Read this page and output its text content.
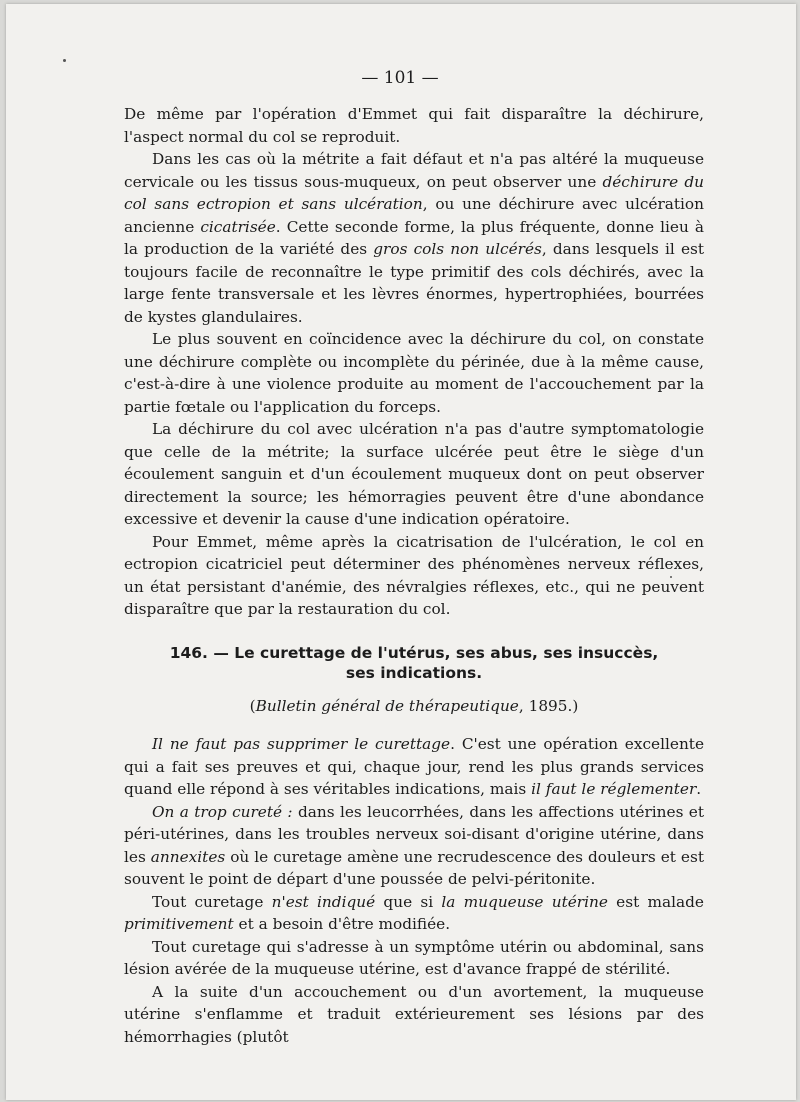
— 101 —

De même par l'opération d'Emmet qui fait disparaître la déchirure, l'aspect normal du col se reproduit.

Dans les cas où la métrite a fait défaut et n'a pas altéré la muqueuse cervicale ou les tissus sous-muqueux, on peut observer une déchirure du col sans ectropion et sans ulcération, ou une déchirure avec ulcération ancienne cicatrisée. Cette seconde forme, la plus fréquente, donne lieu à la production de la variété des gros cols non ulcérés, dans lesquels il est toujours facile de reconnaître le type primitif des cols déchirés, avec la large fente transversale et les lèvres énormes, hypertrophiées, bourrées de kystes glandulaires.

Le plus souvent en coïncidence avec la déchirure du col, on constate une déchirure complète ou incomplète du périnée, due à la même cause, c'est-à-dire à une violence produite au moment de l'accouchement par la partie fœtale ou l'application du forceps.

La déchirure du col avec ulcération n'a pas d'autre symptomatologie que celle de la métrite; la surface ulcérée peut être le siège d'un écoulement sanguin et d'un écoulement muqueux dont on peut observer directement la source; les hémorragies peuvent être d'une abondance excessive et devenir la cause d'une indication opératoire.

Pour Emmet, même après la cicatrisation de l'ulcération, le col en ectropion cicatriciel peut déterminer des phénomènes nerveux réflexes, un état persistant d'anémie, des névralgies réflexes, etc., qui ne peuvent disparaître que par la restauration du col.

146. — Le curettage de l'utérus, ses abus, ses insuccès, ses indications.
(Bulletin général de thérapeutique, 1895.)

Il ne faut pas supprimer le curettage. C'est une opération excellente qui a fait ses preuves et qui, chaque jour, rend les plus grands services quand elle répond à ses véritables indications, mais il faut le réglementer.

On a trop cureté : dans les leucorrhées, dans les affections utérines et péri-utérines, dans les troubles nerveux soi-disant d'origine utérine, dans les annexites où le curetage amène une recrudescence des douleurs et est souvent le point de départ d'une poussée de pelvi-péritonite.

Tout curetage n'est indiqué que si la muqueuse utérine est malade primitivement et a besoin d'être modifiée.

Tout curetage qui s'adresse à un symptôme utérin ou abdominal, sans lésion avérée de la muqueuse utérine, est d'avance frappé de stérilité.

A la suite d'un accouchement ou d'un avortement, la muqueuse utérine s'enflamme et traduit extérieurement ses lésions par des hémorrhagies (plutôt
